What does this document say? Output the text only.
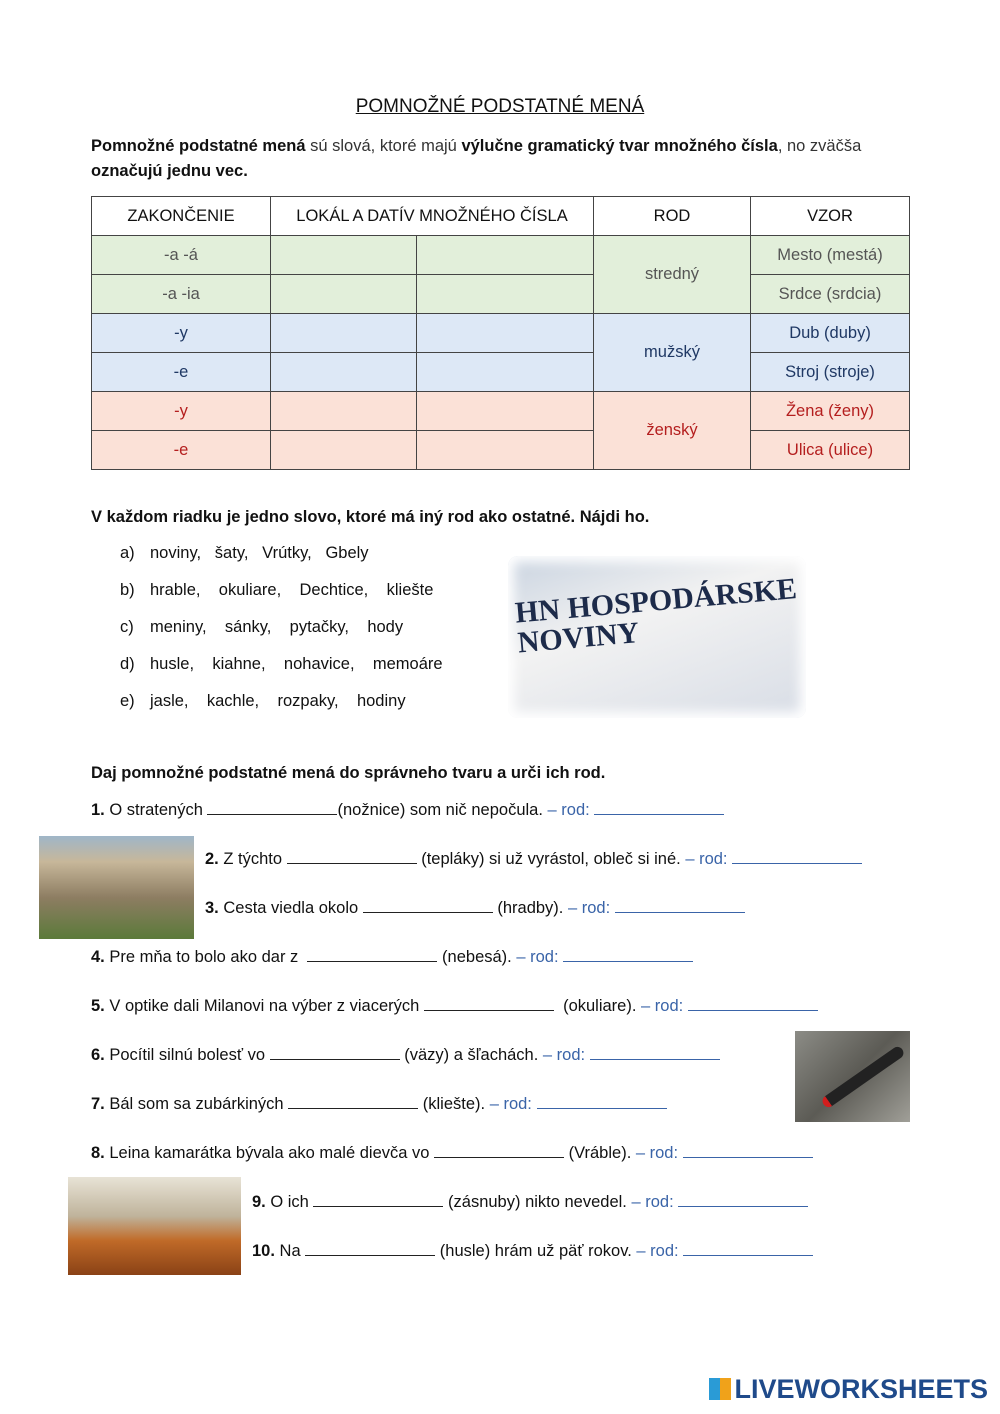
POMNOŽNÉ PODSTATNÉ MENÁ
Pomnožné podstatné mená sú slová, ktoré majú výlučne gramatický tvar množného čísla, no zväčša
označujú jednu vec.
ZAKONČENIE	LOKÁL A DATÍV MNOŽNÉHO ČÍSLA		ROD	VZOR
-a -á			stredný	Mesto (mestá)
-a -ia				Srdce (srdcia)
-y			mužský	Dub (duby)
-e				Stroj (stroje)
-y			ženský	Žena (ženy)
-e				Ulica (ulice)
V každom riadku je jedno slovo, ktoré má iný rod ako ostatné. Nájdi ho.
a) noviny,   šaty,   Vrútky,   Gbely
b) hrable,    okuliare,    Dechtice,    kliešte
c) meniny,    sánky,    pytačky,    hody
d) husle,    kiahne,    nohavice,    memoáre
e) jasle,    kachle,    rozpaky,    hodiny
HN HOSPODÁRSKE NOVINY
Daj pomnožné podstatné mená do správneho tvaru a urči ich rod.
1. O stratených	(nožnice) som nič nepočula. – rod:
2. Z týchto	(tepláky) si už vyrástol, obleč si iné. – rod:
3. Cesta viedla okolo	(hradby). – rod:
4. Pre mňa to bolo ako dar z	(nebesá). – rod:
5. V optike dali Milanovi na výber z viacerých	(okuliare). – rod:
6. Pocítil silnú bolesť vo	(väzy) a šľachách. – rod:
7. Bál som sa zubárkiných	(kliešte). – rod:
8. Leina kamarátka bývala ako malé dievča vo	(Vráble). – rod:
9. O ich	(zásnuby) nikto nevedel. – rod:
10. Na	(husle) hrám už päť rokov. – rod:
LIVEWORKSHEETS
